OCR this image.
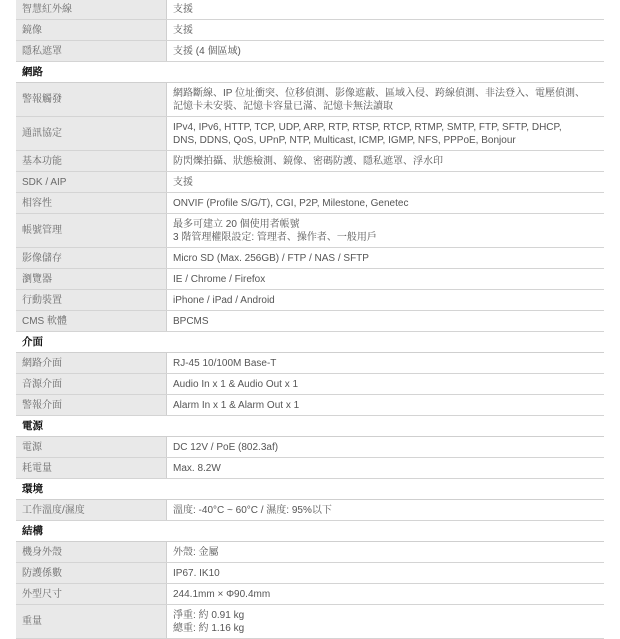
智慧紅外線	支援

鏡像	支援

隱私遮罩	支援 (4 個區域)

網路	
警報觸發	網路斷線、IP 位址衝突、位移偵測、影像遮蔽、區域入侵、跨線偵測、非法登入、電壓偵測、
記憶卡未安裝、記憶卡容量已滿、記憶卡無法讀取

通訊協定	IPv4, IPv6, HTTP, TCP, UDP, ARP, RTP, RTSP, RTCP, RTMP, SMTP, FTP, SFTP, DHCP,
DNS, DDNS, QoS, UPnP, NTP, Multicast, ICMP, IGMP, NFS, PPPoE, Bonjour

基本功能	防閃爍拍攝、狀態檢測、鏡像、密碼防護、隱私遮罩、浮水印

SDK / AIP	支援

相容性	ONVIF (Profile S/G/T), CGI, P2P, Milestone, Genetec

帳號管理	最多可建立 20 個使用者帳號
3 階管理權限設定: 管理者、操作者、一般用戶

影像儲存	Micro SD (Max. 256GB) / FTP / NAS / SFTP

瀏覽器	IE / Chrome / Firefox

行動裝置	iPhone / iPad / Android

CMS 軟體	BPCMS

介面	
網路介面	RJ-45 10/100M Base-T

音源介面	Audio In x 1 & Audio Out x 1

警報介面	Alarm In x 1 & Alarm Out x 1

電源	
電源	DC 12V / PoE (802.3af)

耗電量	Max. 8.2W

環境	
工作溫度/濕度	溫度: -40°C ~ 60°C / 濕度: 95%以下

結構	
機身外殼	外殼: 金屬

防護係數	IP67. IK10

外型尺寸	244.1mm × Φ90.4mm

重量	淨重: 約 0.91 kg
總重: 約 1.16 kg
